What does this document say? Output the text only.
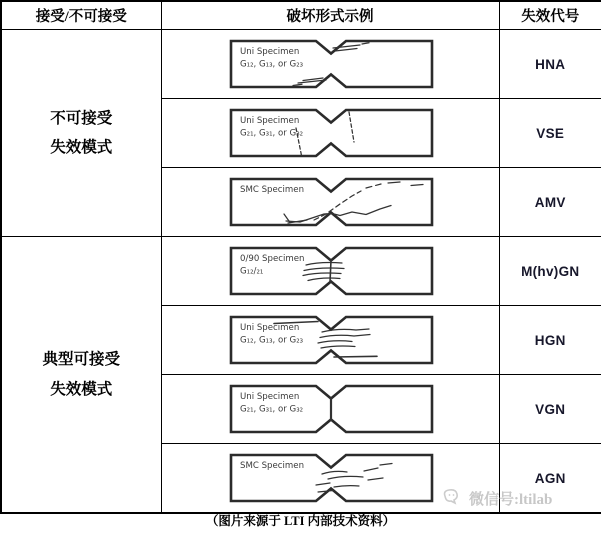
接受/不可接受	破坏形式示例	失效代号

不可接受
失效模式

Uni Specimen
G₁₂, G₁₃, or G₂₃	HNA

Uni Specimen
G₂₁, G₃₁, or G₃₂	VSE

SMC Specimen	AMV

典型可接受
失效模式

0/90 Specimen
G₁₂/₂₁	M(hv)GN

Uni Specimen
G₁₂, G₁₃, or G₂₃	HGN

Uni Specimen
G₂₁, G₃₁, or G₃₂	VGN

SMC Specimen	AGN
（图片来源于 LTI 内部技术资料）
微信号:ltilab
